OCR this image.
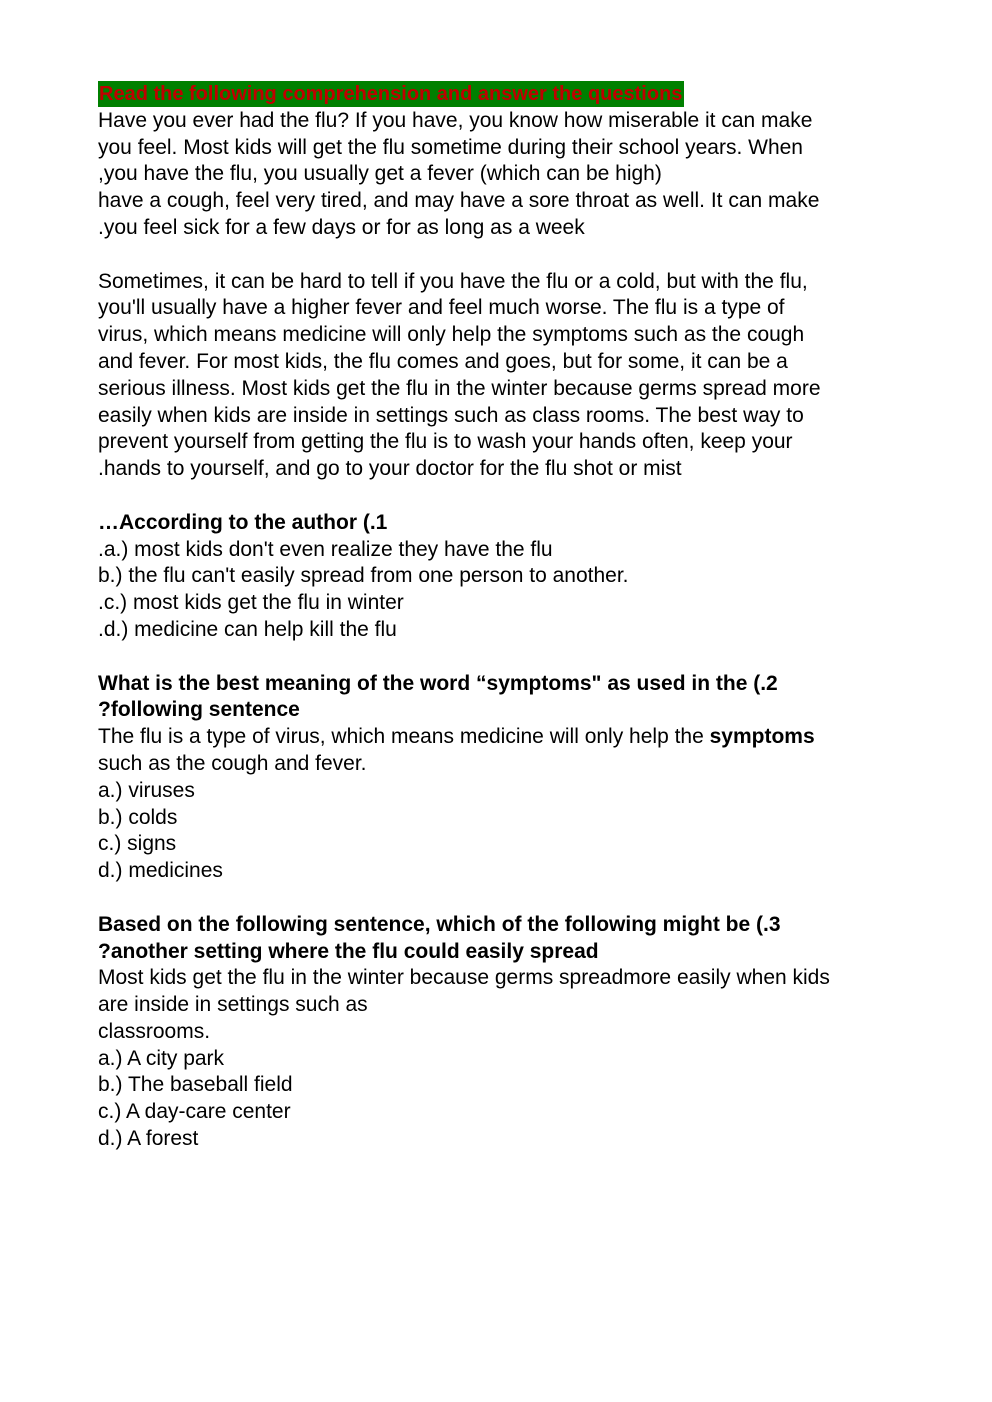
Read the following comprehension and answer the questions
Have you ever had the flu? If you have, you know how miserable it can make
you feel. Most kids will get the flu sometime during their school years. When
,you have the flu, you usually get a fever (which can be high)
have a cough, feel very tired, and may have a sore throat as well. It can make
.you feel sick for a few days or for as long as a week
Sometimes, it can be hard to tell if you have the flu or a cold, but with the flu,
you'll usually have a higher fever and feel much worse. The flu is a type of
virus, which means medicine will only help the symptoms such as the cough
and fever. For most kids, the flu comes and goes, but for some, it can be a
serious illness. Most kids get the flu in the winter because germs spread more
easily when kids are inside in settings such as class rooms. The best way to
prevent yourself from getting the flu is to wash your hands often, keep your
.hands to yourself, and go to your doctor for the flu shot or mist
…According to the author (.1
.a.) most kids don't even realize they have the flu
b.) the flu can't easily spread from one person to another.
.c.) most kids get the flu in winter
.d.) medicine can help kill the flu
What is the best meaning of the word “symptoms" as used in the (.2
?following sentence
The flu is a type of virus, which means medicine will only help the symptoms
such as the cough and fever.
a.) viruses
b.) colds
c.) signs
d.) medicines
Based on the following sentence, which of the following might be (.3
?another setting where the flu could easily spread
Most kids get the flu in the winter because germs spreadmore easily when kids
are inside in settings such as
classrooms.
a.) A city park
b.) The baseball field
c.) A day-care center
d.) A forest
